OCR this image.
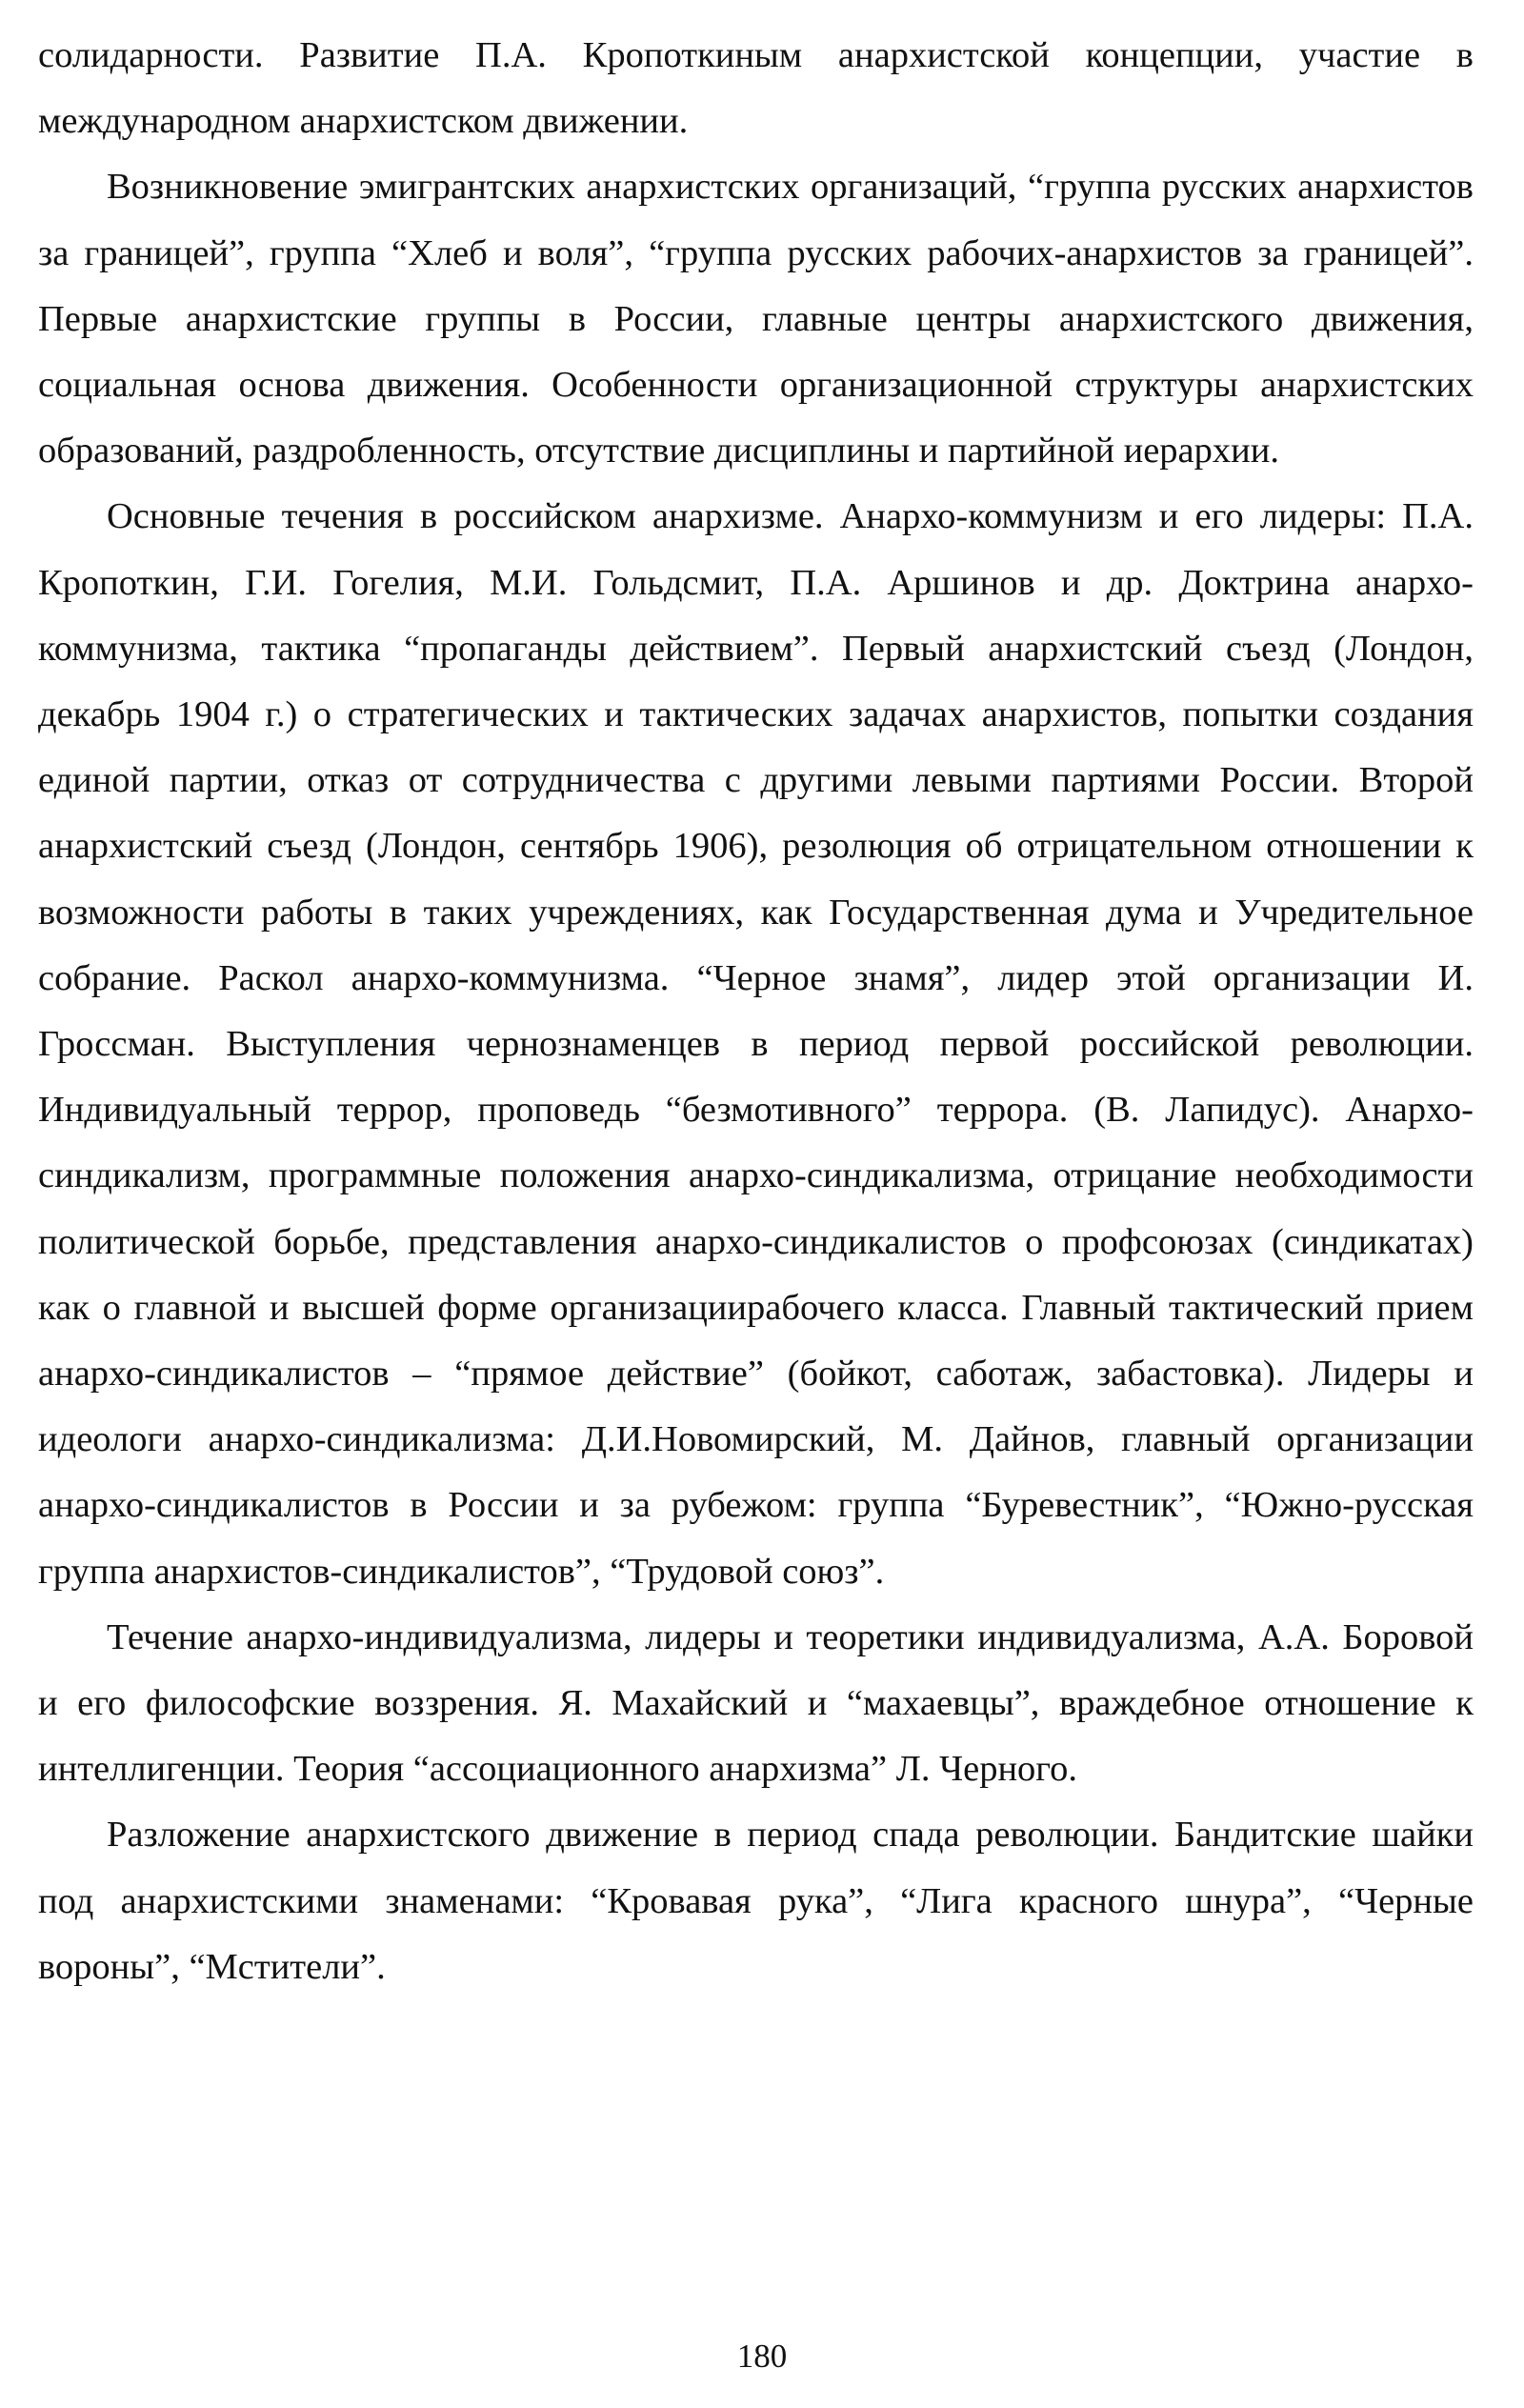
солидарности. Развитие П.А. Кропоткиным анархистской концепции, участие в международном анархистском движении.

Возникновение эмигрантских анархистских организаций, “группа русских анархистов за границей”, группа “Хлеб и воля”, “группа русских рабочих-анархистов за границей”. Первые анархистские группы в России, главные центры анархистского движения, социальная основа движения. Особенности организационной структуры анархистских образований, раздробленность, отсутствие дисциплины и партийной иерархии.

Основные течения в российском анархизме. Анархо-коммунизм и его лидеры: П.А. Кропоткин, Г.И. Гогелия, М.И. Гольдсмит, П.А. Аршинов и др. Доктрина анархо-коммунизма, тактика “пропаганды действием”. Первый анархистский съезд (Лондон, декабрь 1904 г.) о стратегических и тактических задачах анархистов, попытки создания единой партии, отказ от сотрудничества с другими левыми партиями России. Второй анархистский съезд (Лондон, сентябрь 1906), резолюция об отрицательном отношении к возможности работы в таких учреждениях, как Государственная дума и Учредительное собрание. Раскол анархо-коммунизма. “Черное знамя”, лидер этой организации И. Гроссман. Выступления чернознаменцев в период первой российской революции. Индивидуальный террор, проповедь “безмотивного” террора. (В. Лапидус). Анархо-синдикализм, программные положения анархо-синдикализма, отрицание необходимости политической борьбе, представления анархо-синдикалистов о профсоюзах (синдикатах) как о главной и высшей форме организациирабочего класса. Главный тактический прием анархо-синдикалистов – “прямое действие” (бойкот, саботаж, забастовка). Лидеры и идеологи анархо-синдикализма: Д.И.Новомирский, М. Дайнов, главный организации анархо-синдикалистов в России и за рубежом: группа “Буревестник”, “Южно-русская группа анархистов-синдикалистов”, “Трудовой союз”.

Течение анархо-индивидуализма, лидеры и теоретики индивидуализма, А.А. Боровой и его философские воззрения. Я. Махайский и “махаевцы”, враждебное отношение к интеллигенции. Теория “ассоциационного анархизма” Л. Черного.

Разложение анархистского движение в период спада революции. Бандитские шайки под анархистскими знаменами: “Кровавая рука”, “Лига красного шнура”, “Черные вороны”, “Мстители”.

180
